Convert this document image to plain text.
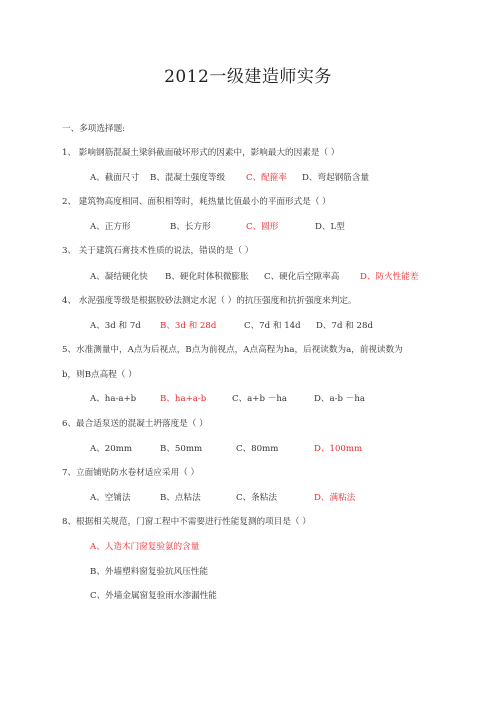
2012一级建造师实务
一、多项选择题:
1、 影响钢筋混凝土梁斜截面破坏形式的因素中，影响最大的因素是（ ）
A、截面尺寸 B、混凝土强度等级 C、配箍率 D、弯起钢筋含量
2、 建筑物高度相同、面积相等时，耗热量比值最小的平面形式是（ ）
A、正方形	B、长方形	C、圆形	D、L型
3、 关于建筑石膏技术性质的说法，错误的是（ ）
A、凝结硬化快 B、硬化时体积微膨胀 C、硬化后空隙率高 D、防火性能差
4、 水泥强度等级是根据胶砂法测定水泥（ ）的抗压强度和抗折强度来判定。
A、3d 和 7d B、3d 和 28d	C、7d 和 14d D、7d 和 28d
5、水准测量中，A点为后视点，B点为前视点，A点高程为ha，后视读数为a，前视读数为
b，则B点高程（ ）
A、ha-a+b	B、ha+a-b	C、a+b －ha	D、a-b －ha
6、最合适泵送的混凝土坍落度是（ ）
A、20mm	B、50mm	C、80mm	D、100mm
7、立面铺贴防水卷材适应采用（ ）
A、空铺法	B、点粘法	C、条粘法	D、满粘法
8、根据相关规范，门窗工程中不需要进行性能复测的项目是（ ）
A、人造木门窗复验氨的含量
B、外墙塑料窗复验抗风压性能
C、外墙金属窗复验雨水渗漏性能
